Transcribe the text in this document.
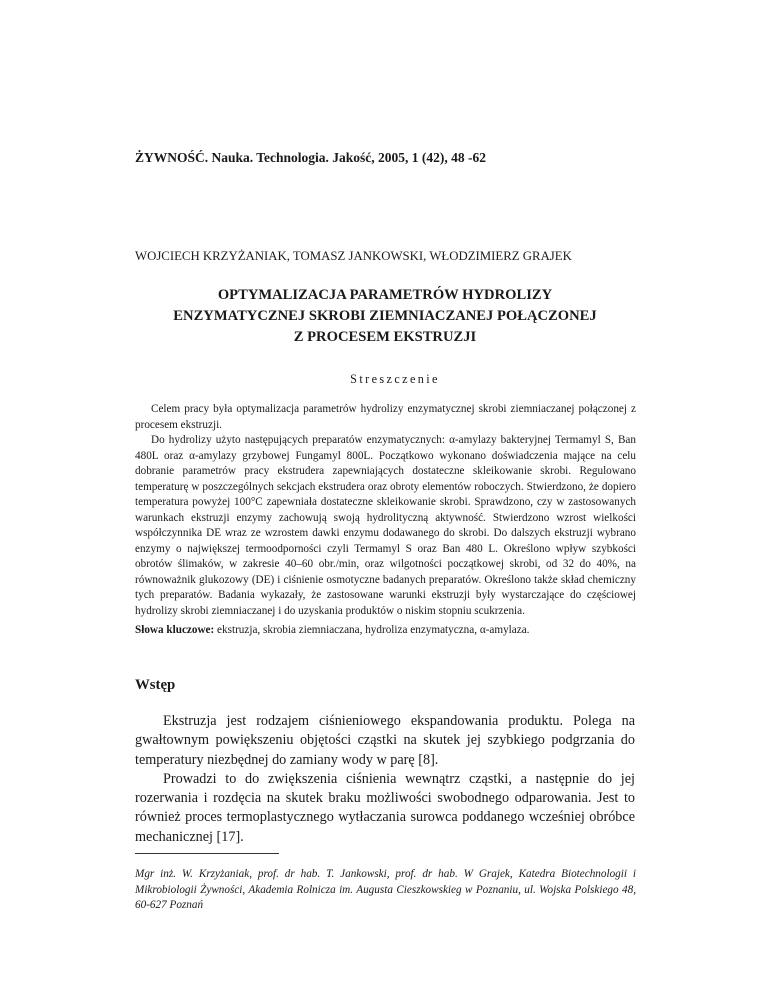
ŻYWNOŚĆ. Nauka. Technologia. Jakość, 2005, 1 (42), 48 -62
WOJCIECH KRZYŻANIAK, TOMASZ JANKOWSKI, WŁODZIMIERZ GRAJEK
OPTYMALIZACJA PARAMETRÓW HYDROLIZY
ENZYMATYCZNEJ SKROBI ZIEMNIACZANEJ POŁĄCZONEJ
Z PROCESEM EKSTRUZJI
Streszczenie

Celem pracy była optymalizacja parametrów hydrolizy enzymatycznej skrobi ziemniaczanej połączonej z procesem ekstruzji.

Do hydrolizy użyto następujących preparatów enzymatycznych: α-amylazy bakteryjnej Termamyl S, Ban 480L oraz α-amylazy grzybowej Fungamyl 800L. Początkowo wykonano doświadczenia mające na celu dobranie parametrów pracy ekstrudera zapewniających dostateczne skleikowanie skrobi. Regulowano temperaturę w poszczególnych sekcjach ekstrudera oraz obroty elementów roboczych. Stwierdzono, że dopiero temperatura powyżej 100°C zapewniała dostateczne skleikowanie skrobi. Sprawdzono, czy w zastosowanych warunkach ekstruzji enzymy zachowują swoją hydrolityczną aktywność. Stwierdzono wzrost wielkości współczynnika DE wraz ze wzrostem dawki enzymu dodawanego do skrobi. Do dalszych ekstruzji wybrano enzymy o największej termoodporności czyli Termamyl S oraz Ban 480 L. Określono wpływ szybkości obrotów ślimaków, w zakresie 40–60 obr./min, oraz wilgotności początkowej skrobi, od 32 do 40%, na równoważnik glukozowy (DE) i ciśnienie osmotyczne badanych preparatów. Określono także skład chemiczny tych preparatów. Badania wykazały, że zastosowane warunki ekstruzji były wystarczające do częściowej hydrolizy skrobi ziemniaczanej i do uzyskania produktów o niskim stopniu scukrzenia.

Słowa kluczowe: ekstruzja, skrobia ziemniaczana, hydroliza enzymatyczna, α-amylaza.
Wstęp

Ekstruzja jest rodzajem ciśnieniowego ekspandowania produktu. Polega na gwałtownym powiększeniu objętości cząstki na skutek jej szybkiego podgrzania do temperatury niezbędnej do zamiany wody w parę [8].

Prowadzi to do zwiększenia ciśnienia wewnątrz cząstki, a następnie do jej rozerwania i rozdęcia na skutek braku możliwości swobodnego odparowania. Jest to również proces termoplastycznego wytłaczania surowca poddanego wcześniej obróbce mechanicznej [17].

Mgr inż. W. Krzyżaniak, prof. dr hab. T. Jankowski, prof. dr hab. W Grajek, Katedra Biotechnologii i Mikrobiologii Żywności, Akademia Rolnicza im. Augusta Cieszkowskieg w Poznaniu, ul. Wojska Polskiego 48, 60-627 Poznań
